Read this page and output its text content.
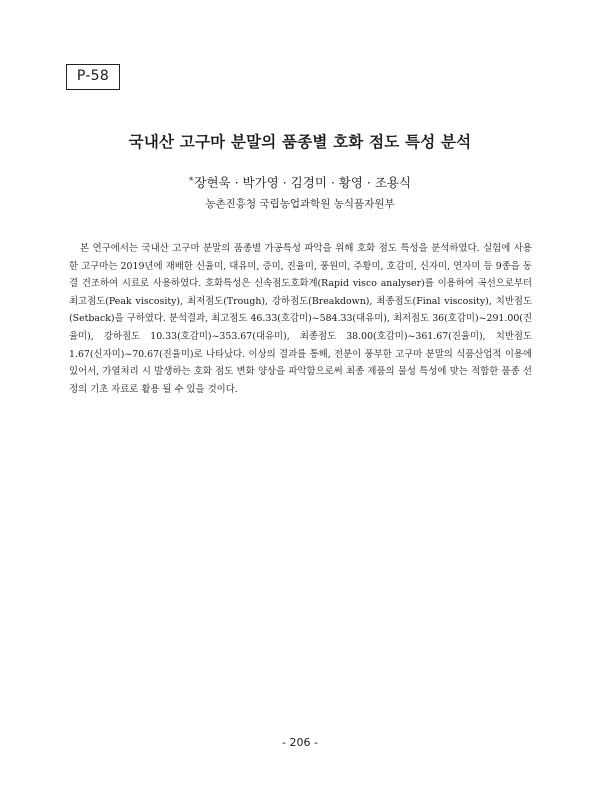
P-58
국내산 고구마 분말의 품종별 호화 점도 특성 분석
*장현욱 · 박가영 · 김경미 · 황영 · 조용식
농촌진흥청 국립농업과학원 농식품자원부

본 연구에서는 국내산 고구마 분말의 품종별 가공특성 파악을 위해 호화 점도 특성을 분석하였다. 실험에 사용한 고구마는 2019년에 재배한 신율미, 대유미, 증미, 진율미, 풍원미, 주황미, 호감미, 신자미, 연자미 등 9종을 동결 건조하여 시료로 사용하였다. 호화특성은 신속점도호화계(Rapid visco analyser)를 이용하여 곡선으로부터 최고점도(Peak viscosity), 최저점도(Trough), 강하점도(Breakdown), 최종점도(Final viscosity), 치반점도(Setback)을 구하였다. 분석결과, 최고점도 46.33(호감미)~584.33(대유미), 최저점도 36(호감미)~291.00(진율미), 강하점도 10.33(호감미)~353.67(대유미), 최종점도 38.00(호감미)~361.67(진율미), 치반점도 1.67(신자미)~70.67(진율미)로 나타났다. 이상의 결과를 통해, 전분이 풍부한 고구마 분말의 식품산업적 이용에 있어서, 가열처리 시 발생하는 호화 점도 변화 양상을 파악함으로써 최종 제품의 물성 특성에 맞는 적합한 품종 선정의 기초 자료로 활용 될 수 있을 것이다.

- 206 -
